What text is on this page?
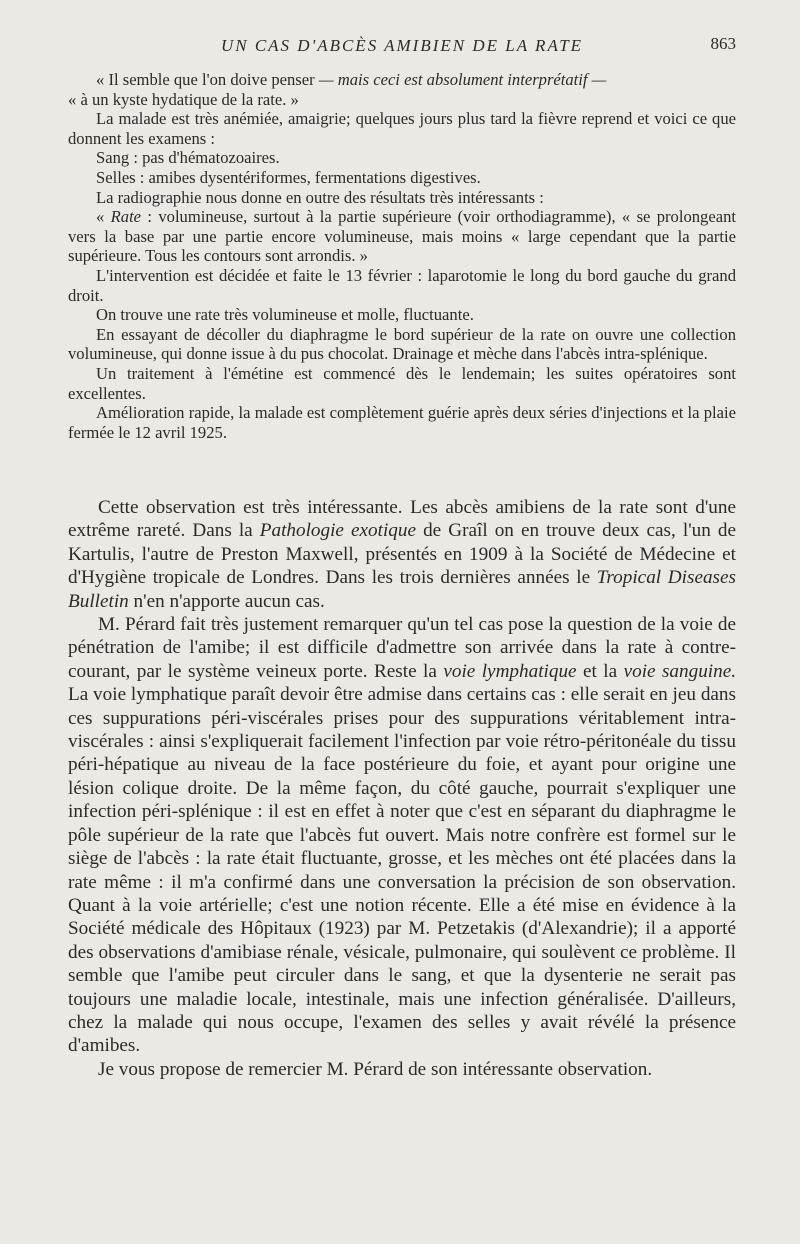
UN CAS D'ABCÈS AMIBIEN DE LA RATE	863

« Il semble que l'on doive penser — mais ceci est absolument interprétatif —

« à un kyste hydatique de la rate. »

La malade est très anémiée, amaigrie; quelques jours plus tard la fièvre reprend et voici ce que donnent les examens :

Sang : pas d'hématozoaires.

Selles : amibes dysentériformes, fermentations digestives.

La radiographie nous donne en outre des résultats très intéressants :

« Rate : volumineuse, surtout à la partie supérieure (voir orthodiagramme), « se prolongeant vers la base par une partie encore volumineuse, mais moins « large cependant que la partie supérieure. Tous les contours sont arrondis. »

L'intervention est décidée et faite le 13 février : laparotomie le long du bord gauche du grand droit.

On trouve une rate très volumineuse et molle, fluctuante.

En essayant de décoller du diaphragme le bord supérieur de la rate on ouvre une collection volumineuse, qui donne issue à du pus chocolat. Drainage et mèche dans l'abcès intra-splénique.

Un traitement à l'émétine est commencé dès le lendemain; les suites opératoires sont excellentes.

Amélioration rapide, la malade est complètement guérie après deux séries d'injections et la plaie fermée le 12 avril 1925.

Cette observation est très intéressante. Les abcès amibiens de la rate sont d'une extrême rareté. Dans la Pathologie exotique de Graîl on en trouve deux cas, l'un de Kartulis, l'autre de Preston Maxwell, présentés en 1909 à la Société de Médecine et d'Hygiène tropicale de Londres. Dans les trois dernières années le Tropical Diseases Bulletin n'en n'apporte aucun cas.

M. Pérard fait très justement remarquer qu'un tel cas pose la question de la voie de pénétration de l'amibe; il est difficile d'admettre son arrivée dans la rate à contre-courant, par le système veineux porte. Reste la voie lymphatique et la voie sanguine. La voie lymphatique paraît devoir être admise dans certains cas : elle serait en jeu dans ces suppurations péri-viscérales prises pour des suppurations véritablement intra-viscérales : ainsi s'expliquerait facilement l'infection par voie rétro-péritonéale du tissu péri-hépatique au niveau de la face postérieure du foie, et ayant pour origine une lésion colique droite. De la même façon, du côté gauche, pourrait s'expliquer une infection péri-splénique : il est en effet à noter que c'est en séparant du diaphragme le pôle supérieur de la rate que l'abcès fut ouvert. Mais notre confrère est formel sur le siège de l'abcès : la rate était fluctuante, grosse, et les mèches ont été placées dans la rate même : il m'a confirmé dans une conversation la précision de son observation. Quant à la voie artérielle; c'est une notion récente. Elle a été mise en évidence à la Société médicale des Hôpitaux (1923) par M. Petzetakis (d'Alexandrie); il a apporté des observations d'amibiase rénale, vésicale, pulmonaire, qui soulèvent ce problème. Il semble que l'amibe peut circuler dans le sang, et que la dysenterie ne serait pas toujours une maladie locale, intestinale, mais une infection généralisée. D'ailleurs, chez la malade qui nous occupe, l'examen des selles y avait révélé la présence d'amibes.

Je vous propose de remercier M. Pérard de son intéressante observation.
